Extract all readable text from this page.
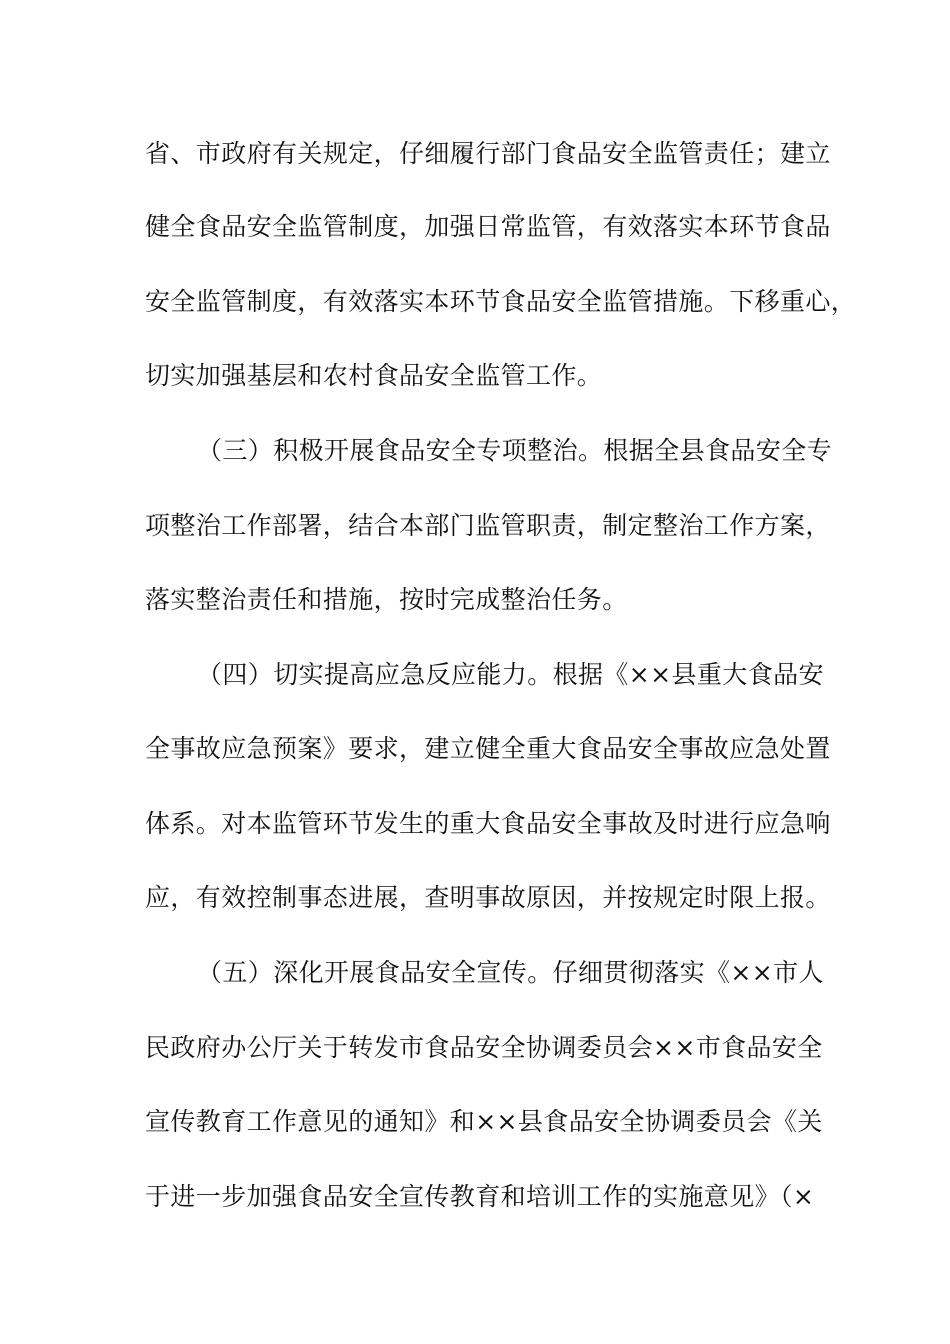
省、市政府有关规定，仔细履行部门食品安全监管责任；建立
健全食品安全监管制度，加强日常监管，有效落实本环节食品
安全监管制度，有效落实本环节食品安全监管措施。下移重心，
切实加强基层和农村食品安全监管工作。
（三）积极开展食品安全专项整治。根据全县食品安全专
项整治工作部署，结合本部门监管职责，制定整治工作方案，
落实整治责任和措施，按时完成整治任务。
（四）切实提高应急反应能力。根据《××县重大食品安
全事故应急预案》要求，建立健全重大食品安全事故应急处置
体系。对本监管环节发生的重大食品安全事故及时进行应急响
应，有效控制事态进展，查明事故原因，并按规定时限上报。
（五）深化开展食品安全宣传。仔细贯彻落实《××市人
民政府办公厅关于转发市食品安全协调委员会××市食品安全
宣传教育工作意见的通知》和××县食品安全协调委员会《关
于进一步加强食品安全宣传教育和培训工作的实施意见》（×
